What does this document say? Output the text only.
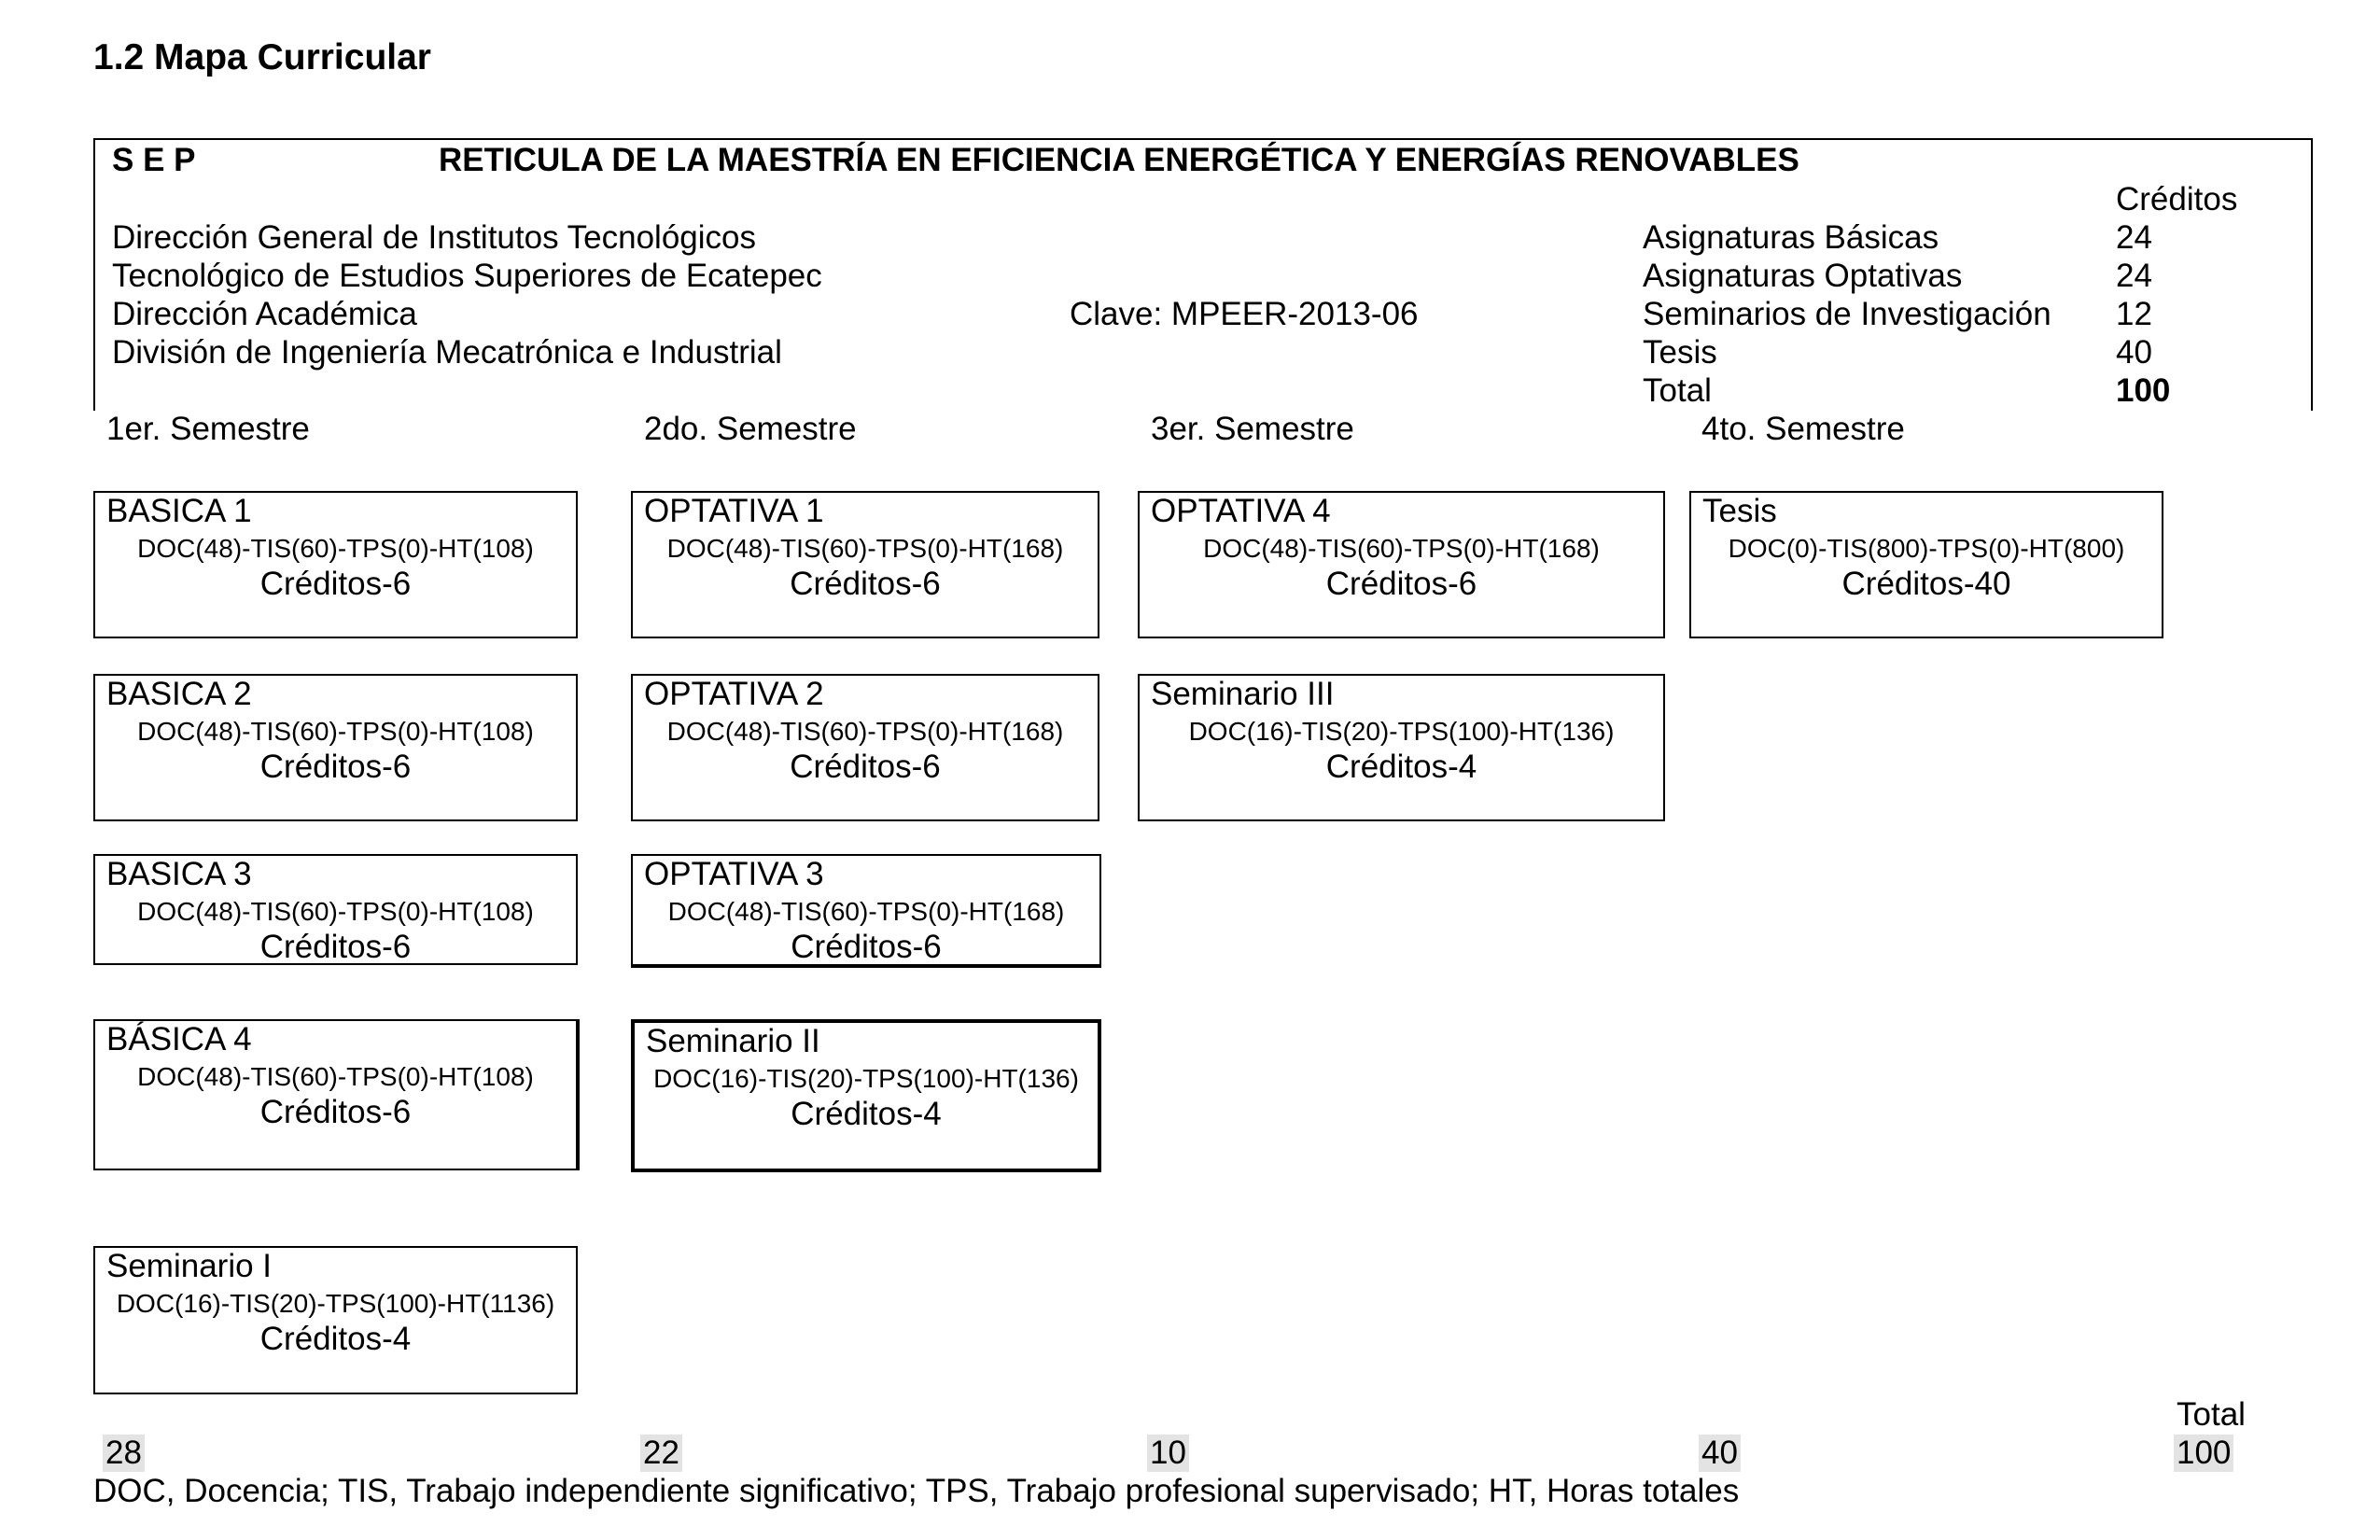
1.2 Mapa Curricular
S E P	RETICULA DE LA MAESTRÍA EN EFICIENCIA ENERGÉTICA Y ENERGÍAS RENOVABLES
Dirección General de Institutos Tecnológicos
Tecnológico de Estudios Superiores de Ecatepec
Dirección Académica
División de Ingeniería Mecatrónica e Industrial
Clave: MPEER-2013-06
Créditos
Asignaturas Básicas	24
Asignaturas Optativas	24
Seminarios de Investigación 12
Tesis	40
Total	100
1er. Semestre	2do. Semestre	3er. Semestre	4to. Semestre
BASICA 1
DOC(48)-TIS(60)-TPS(0)-HT(108)
Créditos-6
BASICA 2
DOC(48)-TIS(60)-TPS(0)-HT(108)
Créditos-6
BASICA 3
DOC(48)-TIS(60)-TPS(0)-HT(108)
Créditos-6
BÁSICA 4
DOC(48)-TIS(60)-TPS(0)-HT(108)
Créditos-6
Seminario I
DOC(16)-TIS(20)-TPS(100)-HT(1136)
Créditos-4
OPTATIVA 1
DOC(48)-TIS(60)-TPS(0)-HT(168)
Créditos-6
OPTATIVA 2
DOC(48)-TIS(60)-TPS(0)-HT(168)
Créditos-6
OPTATIVA 3
DOC(48)-TIS(60)-TPS(0)-HT(168)
Créditos-6
Seminario II
DOC(16)-TIS(20)-TPS(100)-HT(136)
Créditos-4
OPTATIVA 4
DOC(48)-TIS(60)-TPS(0)-HT(168)
Créditos-6
Seminario III
DOC(16)-TIS(20)-TPS(100)-HT(136)
Créditos-4
Tesis
DOC(0)-TIS(800)-TPS(0)-HT(800)
Créditos-40
Total
28	22	10	40	100
DOC, Docencia; TIS, Trabajo independiente significativo; TPS, Trabajo profesional supervisado; HT, Horas totales
